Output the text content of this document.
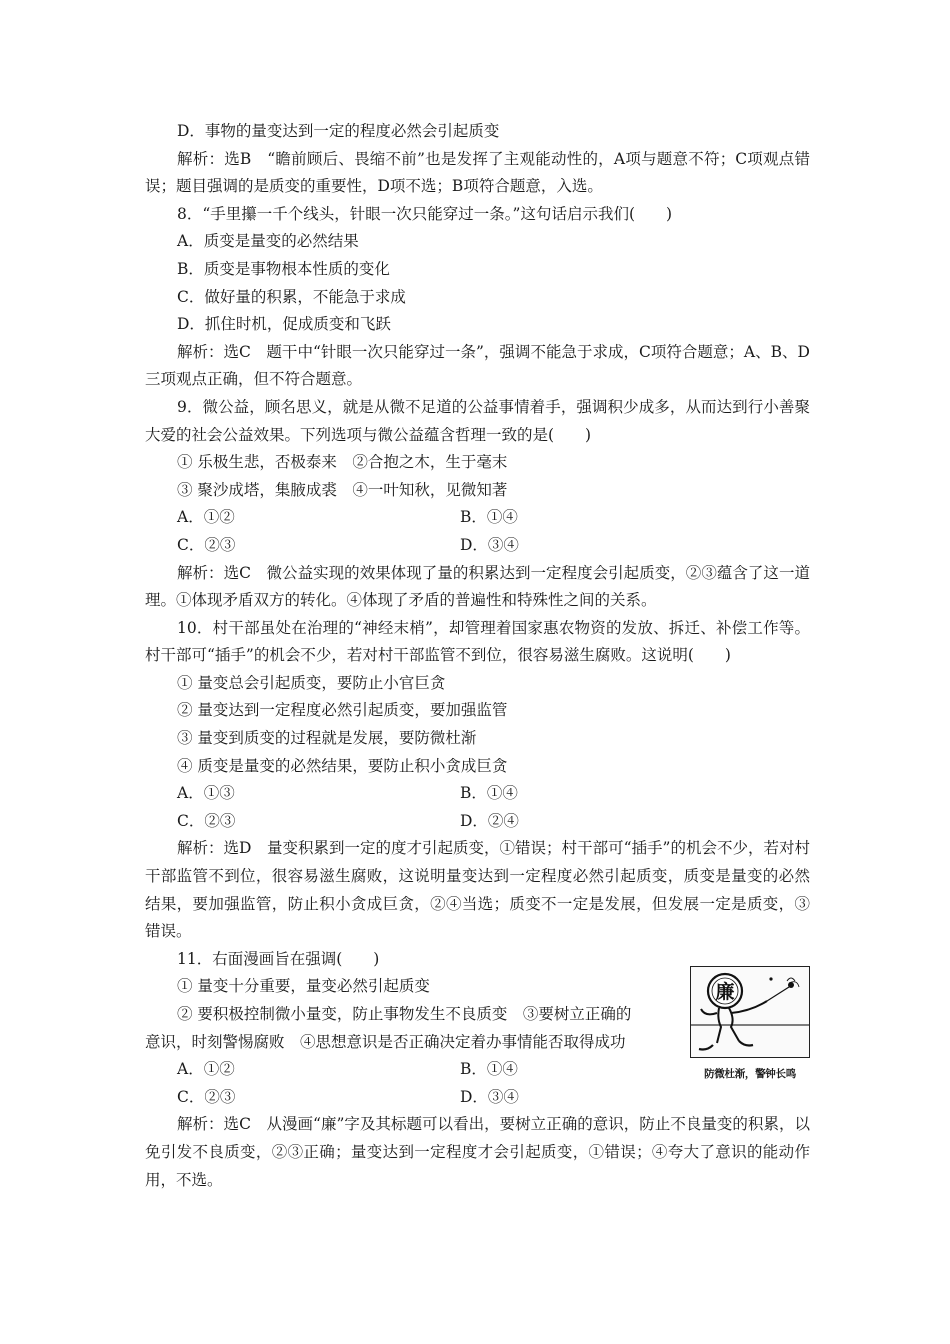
D．事物的量变达到一定的程度必然会引起质变

解析：选B　“瞻前顾后、畏缩不前”也是发挥了主观能动性的，A项与题意不符；C项观点错误；题目强调的是质变的重要性，D项不选；B项符合题意，入选。

8．“手里攥一千个线头，针眼一次只能穿过一条。”这句话启示我们(　　)

A．质变是量变的必然结果

B．质变是事物根本性质的变化

C．做好量的积累，不能急于求成

D．抓住时机，促成质变和飞跃

解析：选C　题干中“针眼一次只能穿过一条”，强调不能急于求成，C项符合题意；A、B、D三项观点正确，但不符合题意。

9．微公益，顾名思义，就是从微不足道的公益事情着手，强调积少成多，从而达到行小善聚大爱的社会公益效果。下列选项与微公益蕴含哲理一致的是(　　)

① 乐极生悲，否极泰来　②合抱之木，生于毫末

③ 聚沙成塔，集腋成裘　④一叶知秋，见微知著

A．①②	B．①④
C．②③	D．③④

解析：选C　微公益实现的效果体现了量的积累达到一定程度会引起质变，②③蕴含了这一道理。①体现矛盾双方的转化。④体现了矛盾的普遍性和特殊性之间的关系。

10．村干部虽处在治理的“神经末梢”，却管理着国家惠农物资的发放、拆迁、补偿工作等。村干部可“插手”的机会不少，若对村干部监管不到位，很容易滋生腐败。这说明(　　)

① 量变总会引起质变，要防止小官巨贪

② 量变达到一定程度必然引起质变，要加强监管

③ 量变到质变的过程就是发展，要防微杜渐

④ 质变是量变的必然结果，要防止积小贪成巨贪

A．①③	B．①④
C．②③	D．②④

解析：选D　量变积累到一定的度才引起质变，①错误；村干部可“插手”的机会不少，若对村干部监管不到位，很容易滋生腐败，这说明量变达到一定程度必然引起质变，质变是量变的必然结果，要加强监管，防止积小贪成巨贪，②④当选；质变不一定是发展，但发展一定是质变，③错误。

11．右面漫画旨在强调(　　)

① 量变十分重要，量变必然引起质变

② 要积极控制微小量变，防止事物发生不良质变　③要树立正确的

意识，时刻警惕腐败　④思想意识是否正确决定着办事情能否取得成功

A．①②	B．①④
C．②③	D．③④

解析：选C　从漫画“廉”字及其标题可以看出，要树立正确的意识，防止不良量变的积累，以免引发不良质变，②③正确；量变达到一定程度才会引起质变，①错误；④夸大了意识的能动作用，不选。

廉
防微杜渐，警钟长鸣
